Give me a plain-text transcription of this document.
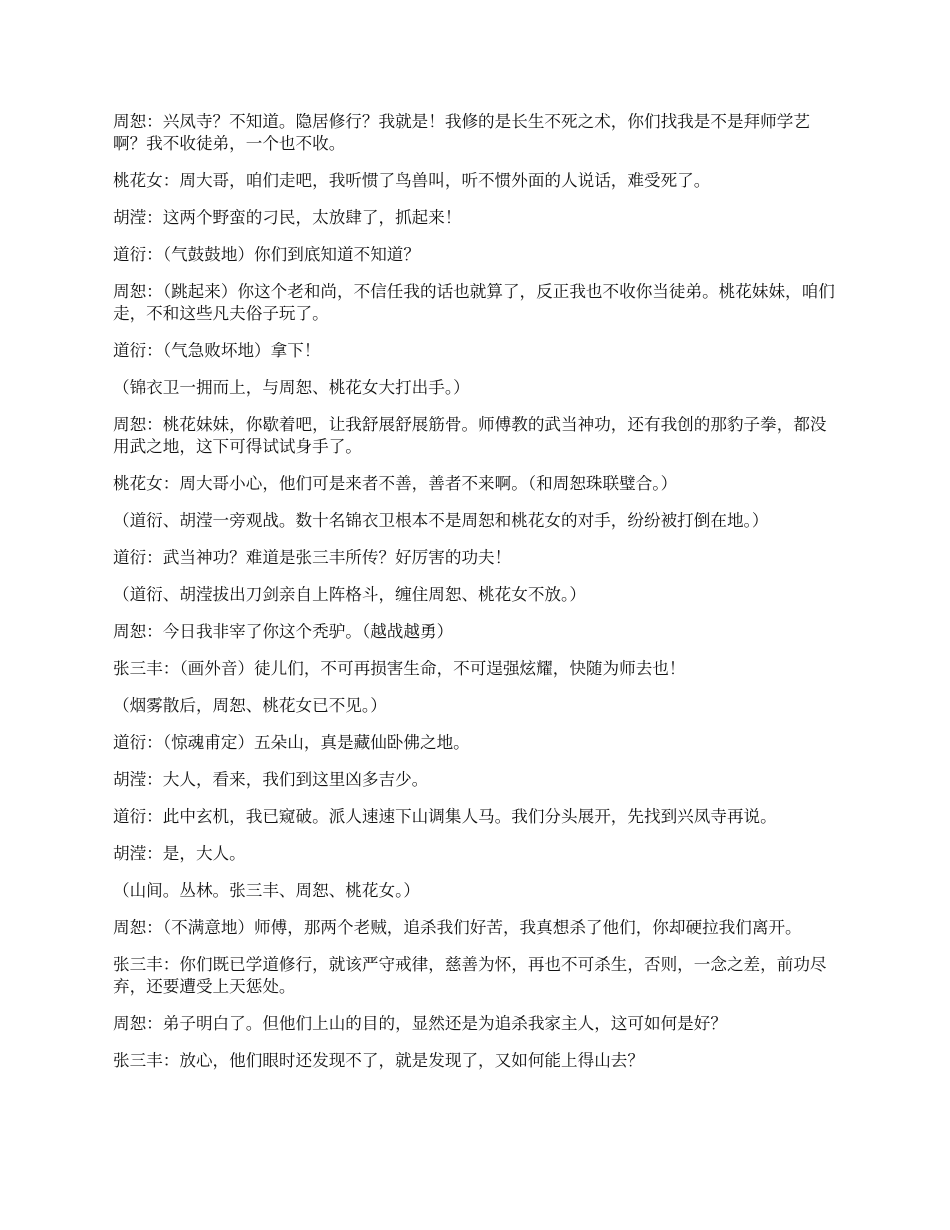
周恕：兴凤寺？不知道。隐居修行？我就是！我修的是长生不死之术，你们找我是不是拜师学艺啊？我不收徒弟，一个也不收。

桃花女：周大哥，咱们走吧，我听惯了鸟兽叫，听不惯外面的人说话，难受死了。

胡滢：这两个野蛮的刁民，太放肆了，抓起来！

道衍：（气鼓鼓地）你们到底知道不知道？

周恕：（跳起来）你这个老和尚，不信任我的话也就算了，反正我也不收你当徒弟。桃花妹妹，咱们走，不和这些凡夫俗子玩了。

道衍：（气急败坏地）拿下！

（锦衣卫一拥而上，与周恕、桃花女大打出手。）

周恕：桃花妹妹，你歇着吧，让我舒展舒展筋骨。师傅教的武当神功，还有我创的那豹子拳，都没用武之地，这下可得试试身手了。

桃花女：周大哥小心，他们可是来者不善，善者不来啊。（和周恕珠联璧合。）

（道衍、胡滢一旁观战。数十名锦衣卫根本不是周恕和桃花女的对手，纷纷被打倒在地。）

道衍：武当神功？难道是张三丰所传？好厉害的功夫！

（道衍、胡滢拔出刀剑亲自上阵格斗，缠住周恕、桃花女不放。）

周恕：今日我非宰了你这个秃驴。（越战越勇）

张三丰：（画外音）徒儿们，不可再损害生命，不可逞强炫耀，快随为师去也！

（烟雾散后，周恕、桃花女已不见。）

道衍：（惊魂甫定）五朵山，真是藏仙卧佛之地。

胡滢：大人，看来，我们到这里凶多吉少。

道衍：此中玄机，我已窥破。派人速速下山调集人马。我们分头展开，先找到兴凤寺再说。

胡滢：是，大人。

（山间。丛林。张三丰、周恕、桃花女。）

周恕：（不满意地）师傅，那两个老贼，追杀我们好苦，我真想杀了他们，你却硬拉我们离开。

张三丰：你们既已学道修行，就该严守戒律，慈善为怀，再也不可杀生，否则，一念之差，前功尽弃，还要遭受上天惩处。

周恕：弟子明白了。但他们上山的目的，显然还是为追杀我家主人，这可如何是好？

张三丰：放心，他们眼时还发现不了，就是发现了，又如何能上得山去？
